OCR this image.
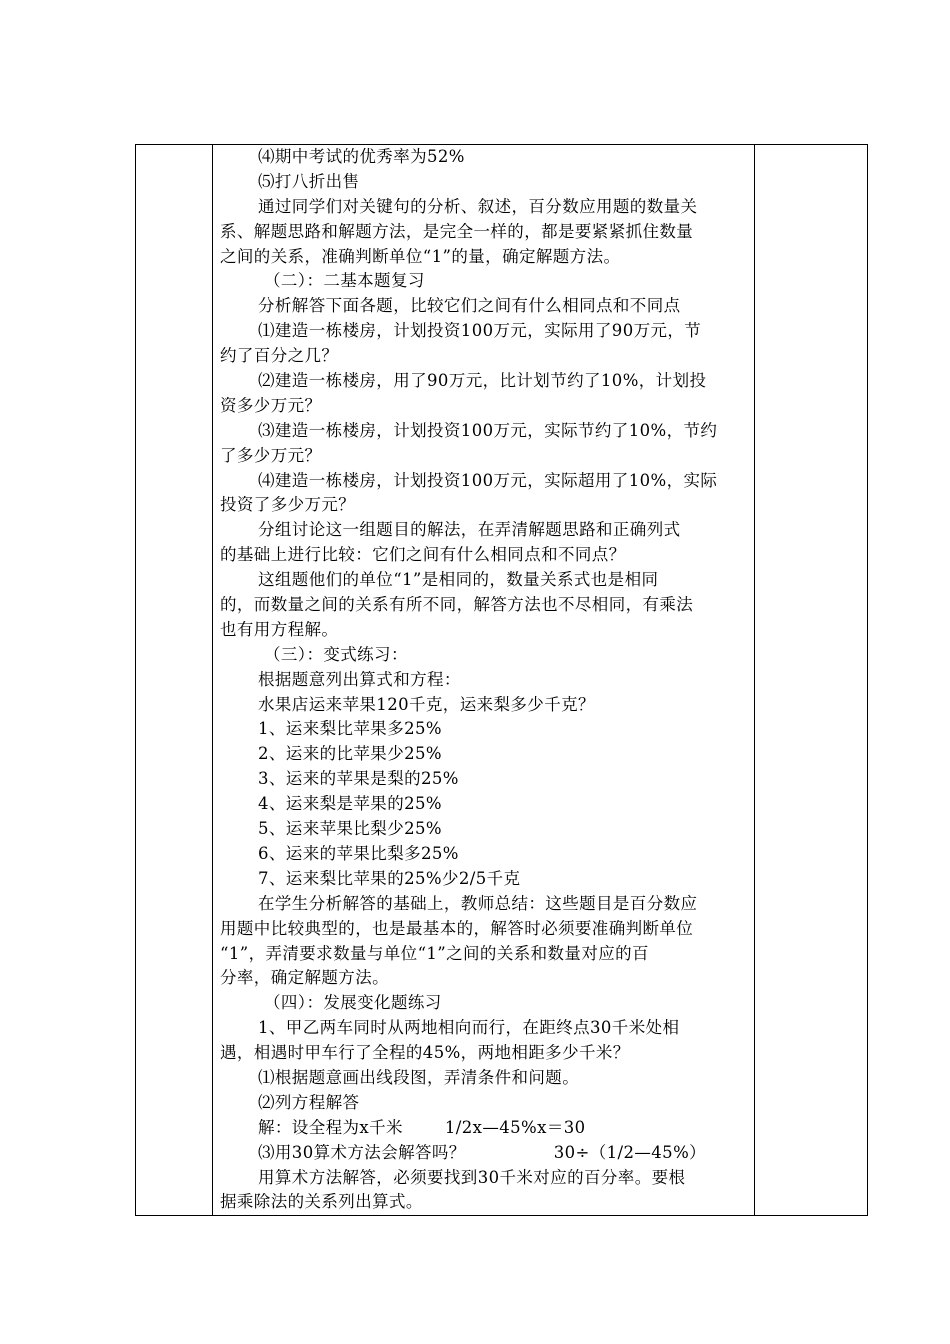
⑷期中考试的优秀率为52%
⑸打八折出售
通过同学们对关键句的分析、叙述，百分数应用题的数量关
系、解题思路和解题方法，是完全一样的，都是要紧紧抓住数量
之间的关系，准确判断单位“1”的量，确定解题方法。
（二）：二基本题复习
分析解答下面各题，比较它们之间有什么相同点和不同点
⑴建造一栋楼房，计划投资100万元，实际用了90万元，节
约了百分之几？
⑵建造一栋楼房，用了90万元，比计划节约了10%，计划投
资多少万元？
⑶建造一栋楼房，计划投资100万元，实际节约了10%，节约
了多少万元？
⑷建造一栋楼房，计划投资100万元，实际超用了10%，实际
投资了多少万元？
分组讨论这一组题目的解法，在弄清解题思路和正确列式
的基础上进行比较：它们之间有什么相同点和不同点？
这组题他们的单位“1”是相同的，数量关系式也是相同
的，而数量之间的关系有所不同，解答方法也不尽相同，有乘法
也有用方程解。
（三）：变式练习：
根据题意列出算式和方程：
水果店运来苹果120千克，运来梨多少千克？
1、运来梨比苹果多25%
2、运来的比苹果少25%
3、运来的苹果是梨的25%
4、运来梨是苹果的25%
5、运来苹果比梨少25%
6、运来的苹果比梨多25%
7、运来梨比苹果的25%少2/5千克
在学生分析解答的基础上，教师总结：这些题目是百分数应
用题中比较典型的，也是最基本的，解答时必须要准确判断单位
“1”，弄清要求数量与单位“1”之间的关系和数量对应的百
分率，确定解题方法。
（四）：发展变化题练习
1、甲乙两车同时从两地相向而行，在距终点30千米处相
遇，相遇时甲车行了全程的45%，两地相距多少千米？
⑴根据题意画出线段图，弄清条件和问题。
⑵列方程解答
解：设全程为x千米	1/2x—45%x＝30
⑶用30算术方法会解答吗？	30÷（1/2—45%）
用算术方法解答，必须要找到30千米对应的百分率。要根
据乘除法的关系列出算式。
